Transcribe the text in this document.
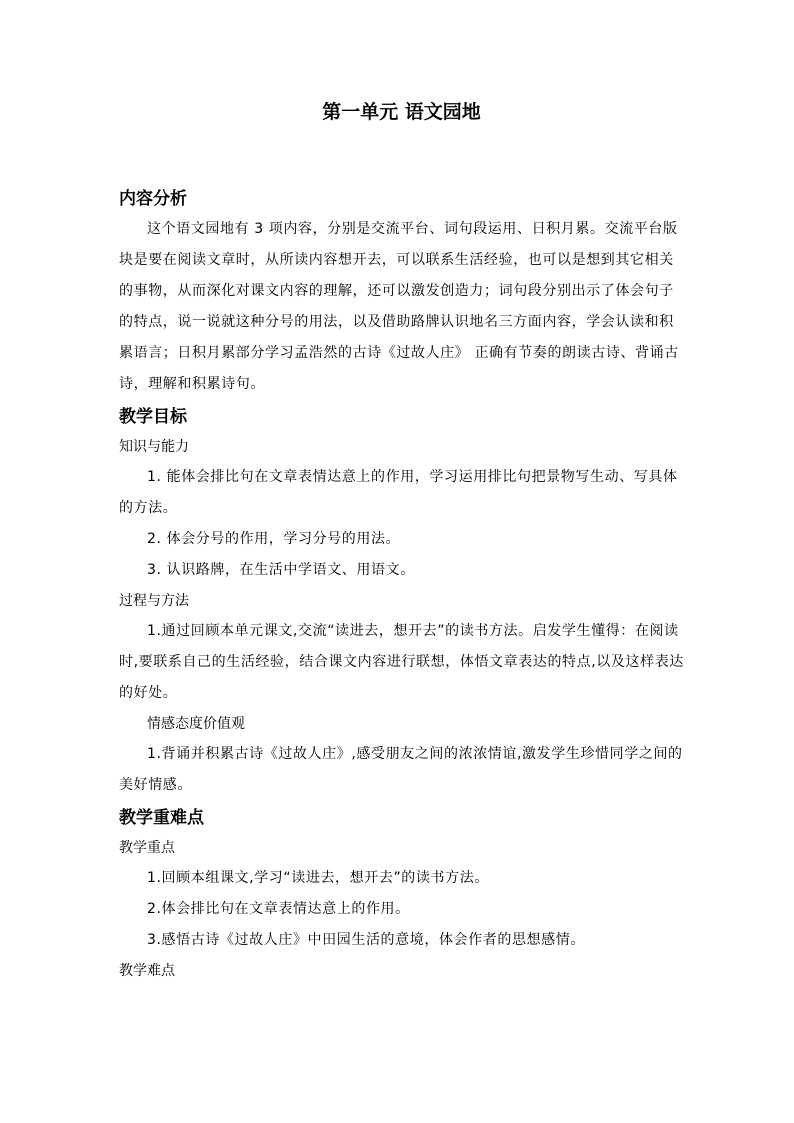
第一单元 语文园地
内容分析

这个语文园地有 3 项内容，分别是交流平台、词句段运用、日积月累。交流平台版块是要在阅读文章时，从所读内容想开去，可以联系生活经验，也可以是想到其它相关的事物，从而深化对课文内容的理解，还可以激发创造力；词句段分别出示了体会句子的特点，说一说就这种分号的用法，以及借助路牌认识地名三方面内容，学会认读和积累语言；日积月累部分学习孟浩然的古诗《过故人庄》 正确有节奏的朗读古诗、背诵古诗，理解和积累诗句。

教学目标
知识与能力

1. 能体会排比句在文章表情达意上的作用，学习运用排比句把景物写生动、写具体的方法。

2. 体会分号的作用，学习分号的用法。

3. 认识路牌，在生活中学语文、用语文。

过程与方法

1.通过回顾本单元课文,交流“读进去，想开去”的读书方法。启发学生懂得：在阅读时,要联系自己的生活经验，结合课文内容进行联想，体悟文章表达的特点,以及这样表达的好处。

情感态度价值观

1.背诵并积累古诗《过故人庄》,感受朋友之间的浓浓情谊,激发学生珍惜同学之间的美好情感。

教学重难点
教学重点

1.回顾本组课文,学习“读进去，想开去”的读书方法。

2.体会排比句在文章表情达意上的作用。

3.感悟古诗《过故人庄》中田园生活的意境，体会作者的思想感情。

教学难点
